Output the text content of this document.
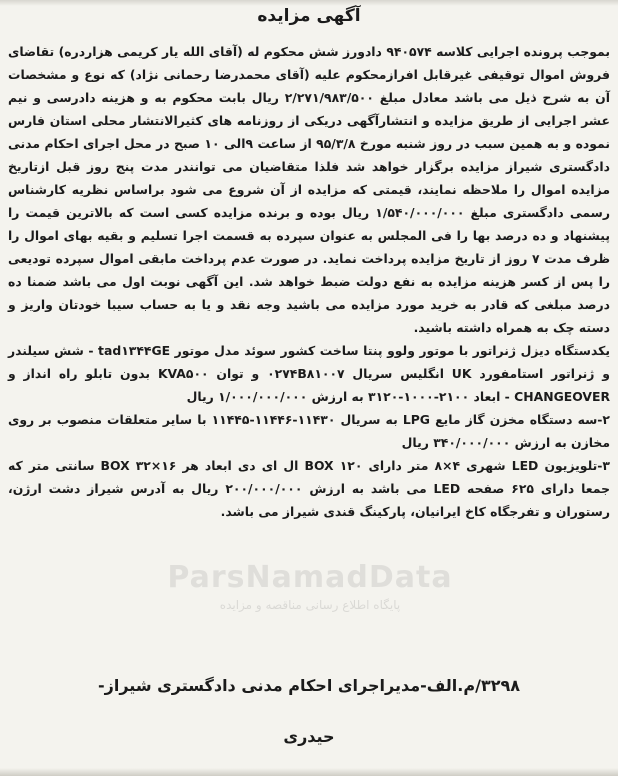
ParsNamadData
پایگاه اطلاع رسانی مناقصه و مزایده
آگهی مزایده

بموجب پرونده اجرایی کلاسه ۹۴۰۵۷۴ دادورز شش محکوم له (آقای الله یار کریمی هزاردره) تقاضای فروش اموال توقیفی غیرقابل افرازمحکوم علیه (آقای محمدرضا رحمانی نژاد) که نوع و مشخصات آن به شرح ذیل می باشد معادل مبلغ ۲/۲۷۱/۹۸۳/۵۰۰ ریال بابت محکوم به و هزینه دادرسی و نیم عشر اجرایی از طریق مزایده و انتشارآگهی دریکی از روزنامه های کثیرالانتشار محلی استان فارس نموده و به همین سبب در روز شنبه مورخ ۹۵/۳/۸ از ساعت ۹الی ۱۰ صبح در محل اجرای احکام مدنی دادگستری شیراز مزایده برگزار خواهد شد فلذا متقاضیان می توانندر مدت پنج روز قبل ازتاریخ مزایده اموال را ملاحظه نمایند، قیمتی که مزایده از آن شروع می شود براساس نظریه کارشناس رسمی دادگستری مبلغ ۱/۵۴۰/۰۰۰/۰۰۰ ریال بوده و برنده مزایده کسی است که بالاترین قیمت را پیشنهاد و ده درصد بها را فی المجلس به عنوان سپرده به قسمت اجرا تسلیم و بقیه بهای اموال را ظرف مدت ۷ روز از تاریخ مزایده پرداخت نماید. در صورت عدم پرداخت مابقی اموال سپرده تودیعی را پس از کسر هزینه مزایده به نفع دولت ضبط خواهد شد. این آگهی نوبت اول می باشد ضمنا ده درصد مبلغی که قادر به خرید مورد مزایده می باشید وجه نقد و یا به حساب سیبا خودتان واریز و دسته چک به همراه داشته باشید.

یکدستگاه دیزل ژنراتور با موتور ولوو پنتا ساخت کشور سوئد مدل موتور tad۱۳۴۴GE - شش سیلندر و ژنراتور استامفورد UK انگلیس سریال ۰۲۷۴B۸۱۰۰۷ و توان KVA۵۰۰ بدون تابلو راه انداز و CHANGEOVER - ابعاد ۲۱۰۰-۱۰۰۰-۳۱۲۰ به ارزش ۱/۰۰۰/۰۰۰/۰۰۰ ریال

۲-سه دستگاه مخزن گاز مایع LPG به سریال ۱۱۴۳۰-۱۱۴۴۶-۱۱۴۴۵ با سایر متعلقات منصوب بر روی مخازن به ارزش ۳۴۰/۰۰۰/۰۰۰ ریال

۳-تلویزیون LED شهری ۴×۸ متر دارای ۱۲۰ BOX ال ای دی ابعاد هر BOX ۳۲×۱۶ سانتی متر که جمعا دارای ۶۲۵ صفحه LED می باشد به ارزش ۲۰۰/۰۰۰/۰۰۰ ریال به آدرس شیراز دشت ارژن، رستوران و تفرجگاه کاخ ایرانیان، پارکینگ قندی شیراز می باشد.

۳۲۹۸/م.الف-مدیراجرای احکام مدنی دادگستری شیراز-
حیدری
